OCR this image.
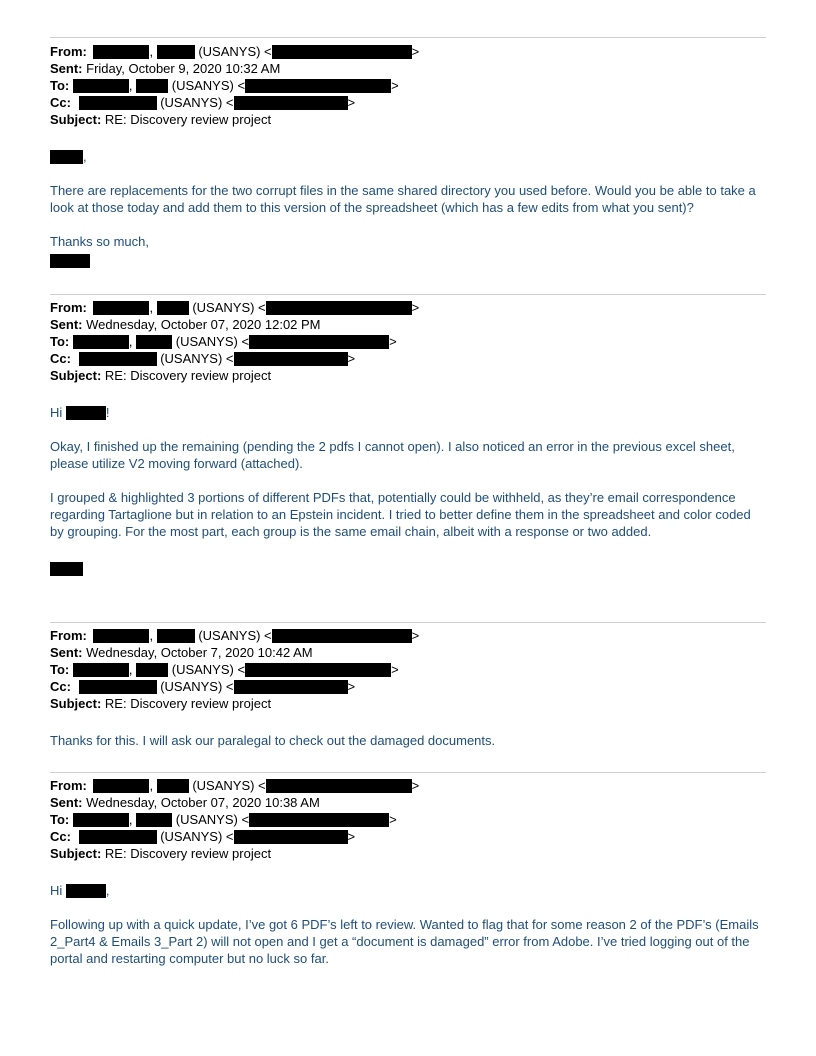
From:	,	(USANYS) <	>
Sent: Friday, October 9, 2020 10:32 AM
To:	,	(USANYS) <	>
Cc:	(USANYS) <	>
Subject: RE: Discovery review project
,
There are replacements for the two corrupt files in the same shared directory you used before. Would you be able to take a look at those today and add them to this version of the spreadsheet (which has a few edits from what you sent)?
Thanks so much,
From:	,	(USANYS) <	>
Sent: Wednesday, October 07, 2020 12:02 PM
To:	,	(USANYS) <	>
Cc:	(USANYS) <	>
Subject: RE: Discovery review project
Hi	!
Okay, I finished up the remaining (pending the 2 pdfs I cannot open). I also noticed an error in the previous excel sheet, please utilize V2 moving forward (attached).
I grouped & highlighted 3 portions of different PDFs that, potentially could be withheld, as they’re email correspondence regarding Tartaglione but in relation to an Epstein incident. I tried to better define them in the spreadsheet and color coded by grouping. For the most part, each group is the same email chain, albeit with a response or two added.
From:	,	(USANYS) <	>
Sent: Wednesday, October 7, 2020 10:42 AM
To:	,	(USANYS) <	>
Cc:	(USANYS) <	>
Subject: RE: Discovery review project
Thanks for this. I will ask our paralegal to check out the damaged documents.
From:	,	(USANYS) <	>
Sent: Wednesday, October 07, 2020 10:38 AM
To:	,	(USANYS) <	>
Cc:	(USANYS) <	>
Subject: RE: Discovery review project
Hi	,
Following up with a quick update, I’ve got 6 PDF’s left to review. Wanted to flag that for some reason 2 of the PDF’s (Emails 2_Part4 & Emails 3_Part 2) will not open and I get a “document is damaged” error from Adobe. I’ve tried logging out of the portal and restarting computer but no luck so far.
